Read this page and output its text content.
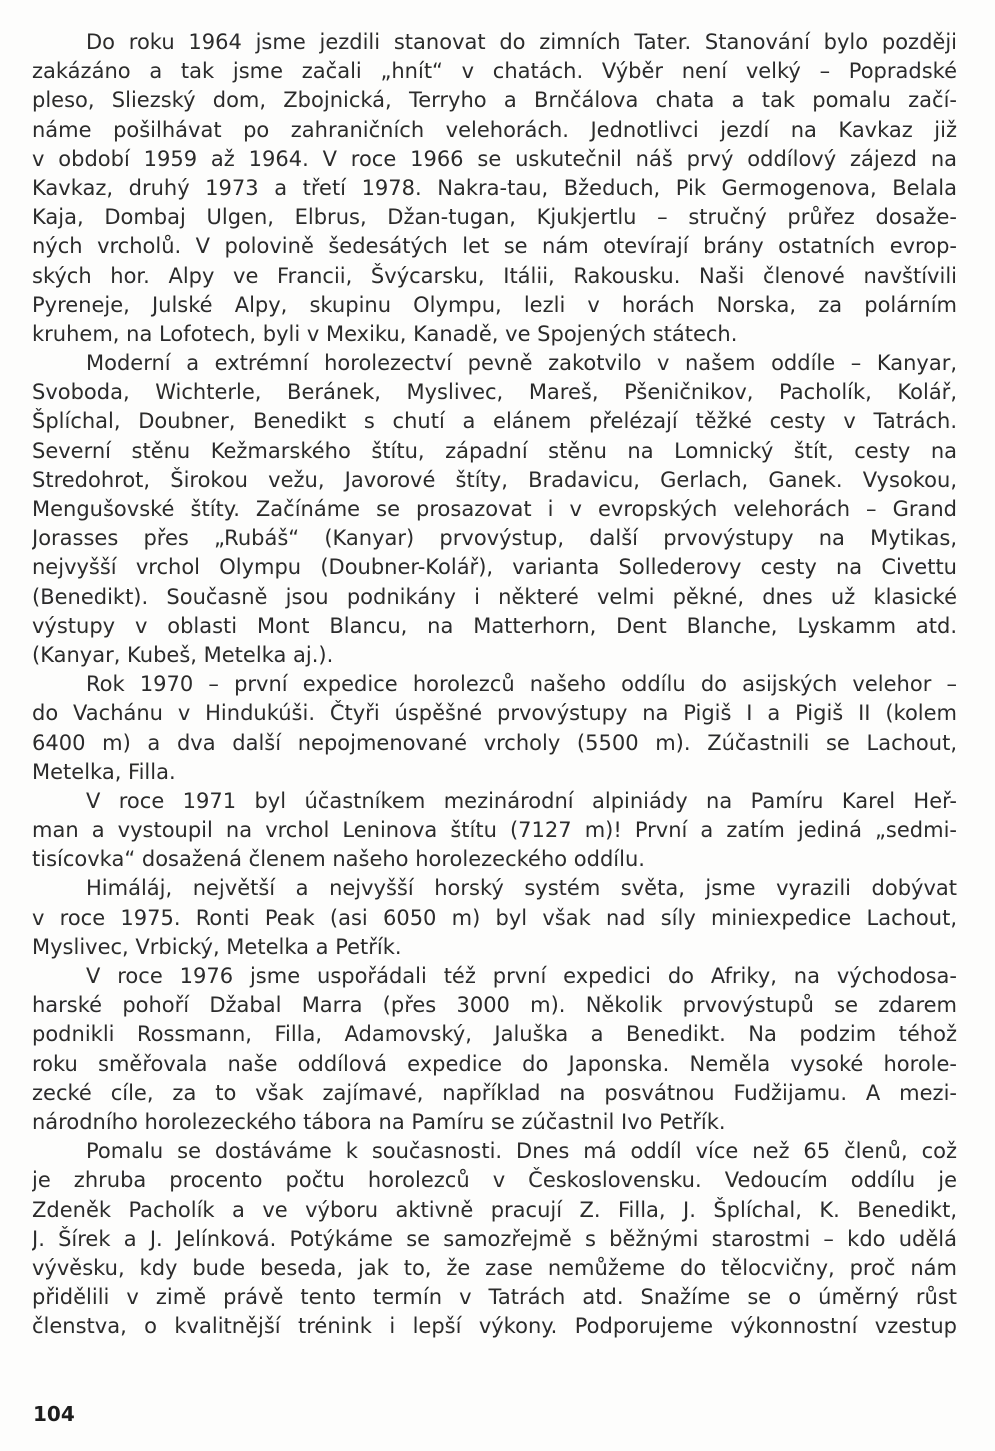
Do roku 1964 jsme jezdili stanovat do zimních Tater. Stanování bylo později
zakázáno a tak jsme začali „hnít“ v chatách. Výběr není velký – Popradské
pleso, Sliezský dom, Zbojnická, Terryho a Brnčálova chata a tak pomalu začí-
náme pošilhávat po zahraničních velehorách. Jednotlivci jezdí na Kavkaz již
v období 1959 až 1964. V roce 1966 se uskutečnil náš prvý oddílový zájezd na
Kavkaz, druhý 1973 a třetí 1978. Nakra-tau, Bžeduch, Pik Germogenova, Belala
Kaja, Dombaj Ulgen, Elbrus, Džan-tugan, Kjukjertlu – stručný průřez dosaže-
ných vrcholů. V polovině šedesátých let se nám otevírají brány ostatních evrop-
ských hor. Alpy ve Francii, Švýcarsku, Itálii, Rakousku. Naši členové navštívili
Pyreneje, Julské Alpy, skupinu Olympu, lezli v horách Norska, za polárním
kruhem, na Lofotech, byli v Mexiku, Kanadě, ve Spojených státech.
Moderní a extrémní horolezectví pevně zakotvilo v našem oddíle – Kanyar,
Svoboda, Wichterle, Beránek, Myslivec, Mareš, Pšeničnikov, Pacholík, Kolář,
Šplíchal, Doubner, Benedikt s chutí a elánem přelézají těžké cesty v Tatrách.
Severní stěnu Kežmarského štítu, západní stěnu na Lomnický štít, cesty na
Stredohrot, Širokou vežu, Javorové štíty, Bradavicu, Gerlach, Ganek. Vysokou,
Mengušovské štíty. Začínáme se prosazovat i v evropských velehorách – Grand
Jorasses přes „Rubáš“ (Kanyar) prvovýstup, další prvovýstupy na Mytikas,
nejvyšší vrchol Olympu (Doubner-Kolář), varianta Sollederovy cesty na Civettu
(Benedikt). Současně jsou podnikány i některé velmi pěkné, dnes už klasické
výstupy v oblasti Mont Blancu, na Matterhorn, Dent Blanche, Lyskamm atd.
(Kanyar, Kubeš, Metelka aj.).
Rok 1970 – první expedice horolezců našeho oddílu do asijských velehor –
do Vachánu v Hindukúši. Čtyři úspěšné prvovýstupy na Pigiš I a Pigiš II (kolem
6400 m) a dva další nepojmenované vrcholy (5500 m). Zúčastnili se Lachout,
Metelka, Filla.
V roce 1971 byl účastníkem mezinárodní alpiniády na Pamíru Karel Heř-
man a vystoupil na vrchol Leninova štítu (7127 m)! První a zatím jediná „sedmi-
tisícovka“ dosažená členem našeho horolezeckého oddílu.
Himáláj, největší a nejvyšší horský systém světa, jsme vyrazili dobývat
v roce 1975. Ronti Peak (asi 6050 m) byl však nad síly miniexpedice Lachout,
Myslivec, Vrbický, Metelka a Petřík.
V roce 1976 jsme uspořádali též první expedici do Afriky, na východosa-
harské pohoří Džabal Marra (přes 3000 m). Několik prvovýstupů se zdarem
podnikli Rossmann, Filla, Adamovský, Jaluška a Benedikt. Na podzim téhož
roku směřovala naše oddílová expedice do Japonska. Neměla vysoké horole-
zecké cíle, za to však zajímavé, například na posvátnou Fudžijamu. A mezi-
národního horolezeckého tábora na Pamíru se zúčastnil Ivo Petřík.
Pomalu se dostáváme k současnosti. Dnes má oddíl více než 65 členů, což
je zhruba procento počtu horolezců v Československu. Vedoucím oddílu je
Zdeněk Pacholík a ve výboru aktivně pracují Z. Filla, J. Šplíchal, K. Benedikt,
J. Šírek a J. Jelínková. Potýkáme se samozřejmě s běžnými starostmi – kdo udělá
vývěsku, kdy bude beseda, jak to, že zase nemůžeme do tělocvičny, proč nám
přidělili v zimě právě tento termín v Tatrách atd. Snažíme se o úměrný růst
členstva, o kvalitnější trénink i lepší výkony. Podporujeme výkonnostní vzestup
104
